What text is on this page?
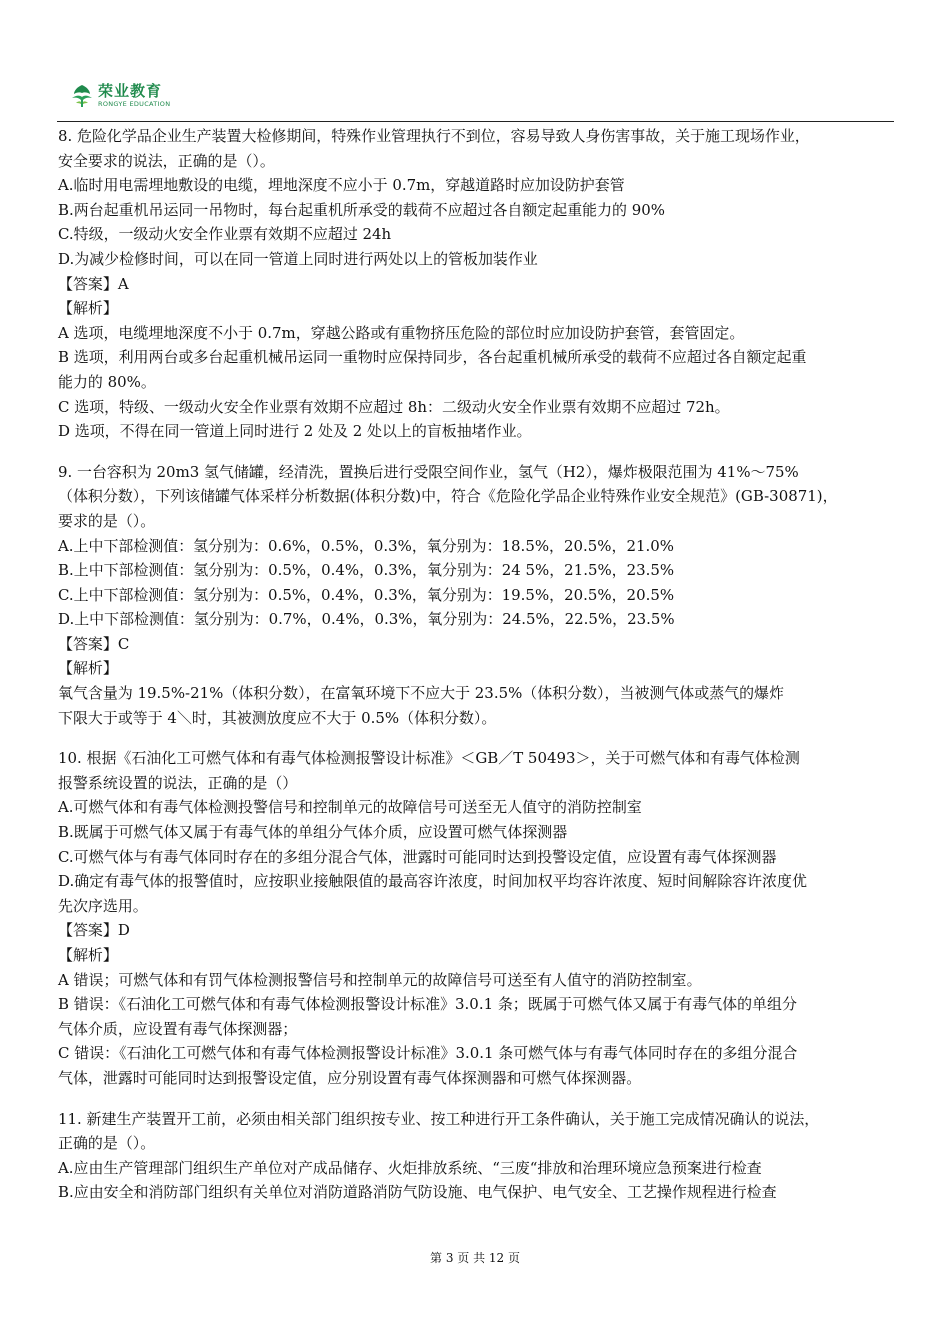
荣业教育
RONGYE EDUCATION
8. 危险化学品企业生产装置大检修期间，特殊作业管理执行不到位，容易导致人身伤害事故，关于施工现场作业，
安全要求的说法，正确的是（）。
A.临时用电需埋地敷设的电缆，埋地深度不应小于 0.7m，穿越道路时应加设防护套管
B.两台起重机吊运同一吊物时，每台起重机所承受的载荷不应超过各自额定起重能力的 90%
C.特级，一级动火安全作业票有效期不应超过 24h
D.为减少检修时间，可以在同一管道上同时进行两处以上的管板加装作业
【答案】A
【解析】
A 选项，电缆埋地深度不小于 0.7m，穿越公路或有重物挤压危险的部位时应加设防护套管，套管固定。
B 选项，利用两台或多台起重机械吊运同一重物时应保持同步，各台起重机械所承受的载荷不应超过各自额定起重
能力的 80%。
C 选项，特级、一级动火安全作业票有效期不应超过 8h：二级动火安全作业票有效期不应超过 72h。
D 选项，不得在同一管道上同时进行 2 处及 2 处以上的盲板抽堵作业。
9. 一台容积为 20m3 氢气储罐，经清洗，置换后进行受限空间作业，氢气（H2），爆炸极限范围为 41%～75%
（体积分数），下列该储罐气体采样分析数据(体积分数)中，符合《危险化学品企业特殊作业安全规范》(GB-30871)，
要求的是（）。
A.上中下部检测值：氢分别为：0.6%，0.5%，0.3%，氧分别为：18.5%，20.5%，21.0%
B.上中下部检测值：氢分别为：0.5%，0.4%，0.3%，氧分别为：24 5%，21.5%，23.5%
C.上中下部检测值：氢分别为：0.5%，0.4%，0.3%，氧分别为：19.5%，20.5%，20.5%
D.上中下部检测值：氢分别为：0.7%，0.4%，0.3%，氧分别为：24.5%，22.5%，23.5%
【答案】C
【解析】
氧气含量为 19.5%-21%（体积分数），在富氧环境下不应大于 23.5%（体积分数），当被测气体或蒸气的爆炸
下限大于或等于 4＼时，其被测放度应不大于 0.5%（体积分数）。
10. 根据《石油化工可燃气体和有毒气体检测报警设计标准》＜GB／T 50493＞，关于可燃气体和有毒气体检测
报警系统设置的说法，正确的是（）
A.可燃气体和有毒气体检测投警信号和控制单元的故障信号可送至无人值守的消防控制室
B.既属于可燃气体又属于有毒气体的单组分气体介质，应设置可燃气体探测器
C.可燃气体与有毒气体同时存在的多组分混合气体，泄露时可能同时达到投警设定值，应设置有毒气体探测器
D.确定有毒气体的报警值时，应按职业接触限值的最高容许浓度，时间加权平均容许浓度、短时间解除容许浓度优
先次序选用。
【答案】D
【解析】
A 错误；可燃气体和有罚气体检测报警信号和控制单元的故障信号可送至有人值守的消防控制室。
B 错误：《石油化工可燃气体和有毒气体检测报警设计标准》3.0.1 条；既属于可燃气体又属于有毒气体的单组分
气体介质，应设置有毒气体探测器；
C 错误：《石油化工可燃气体和有毒气体检测报警设计标准》3.0.1 条可燃气体与有毒气体同时存在的多组分混合
气体，泄露时可能同时达到报警设定值，应分别设置有毒气体探测器和可燃气体探测器。
11. 新建生产装置开工前，必须由相关部门组织按专业、按工种进行开工条件确认，关于施工完成情况确认的说法，
正确的是（）。
A.应由生产管理部门组织生产单位对产成品储存、火炬排放系统、“三废“排放和治理环境应急预案进行检查
B.应由安全和消防部门组织有关单位对消防道路消防气防设施、电气保护、电气安全、工艺操作规程进行检查
第 3 页 共 12 页
